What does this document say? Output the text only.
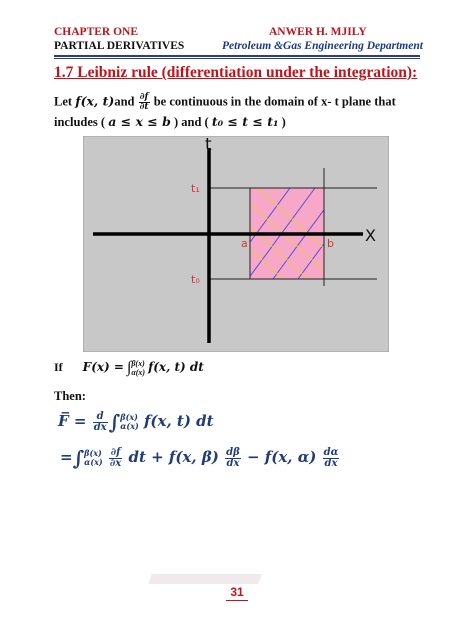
CHAPTER ONE	ANWER H. MJILY
PARTIAL DERIVATIVES	Petroleum &Gas Engineering Department
1.7 Leibniz rule (differentiation under the integration):
Let f(x, $t)and \frac{\partial f}{\partial t}$ be continuous in the domain of x- t plane that
includes ( a ≤ x ≤ b ) and ( t₀ ≤ t ≤ t₁ )
t
X
t₁
t₀
a	b
If F(x) = ∫ β(x)
α(x) f(x, t) dt
Then:
F̅ = $\frac{d}{dx}$ ∫ β(x)
α(x) f(x, t) dt
=∫ β(x)
α(x)
$\frac{\partial f}{\partial x}$ dt + f(x, $\beta) \frac{d\beta}{dx} - f(x$, $\alpha) \frac{d\alpha}{dx}$
31
